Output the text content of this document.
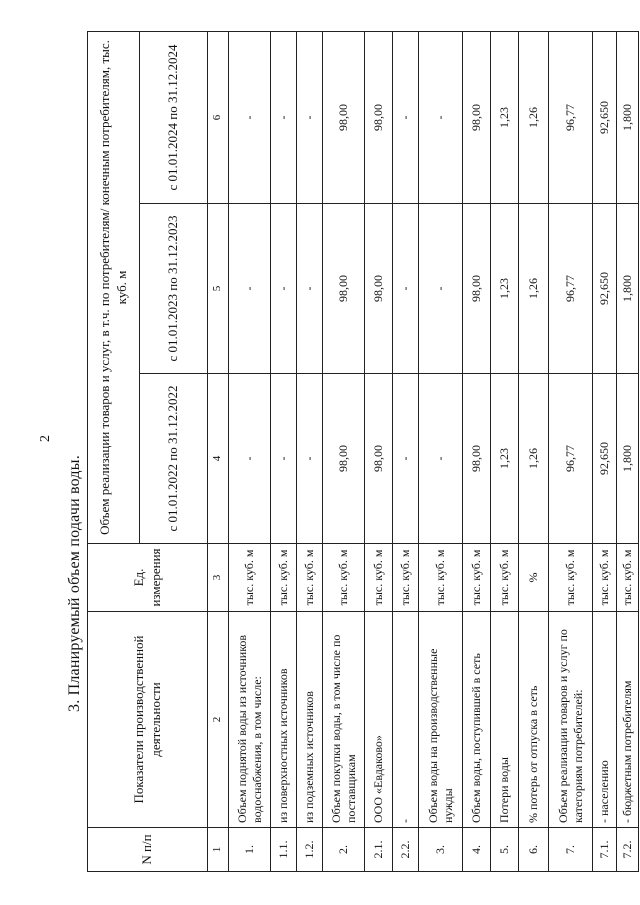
2
3. Планируемый объем подачи воды.
N п/п	Показатели производственной деятельности	Ед. измерения	Объем реализации товаров и услуг, в т.ч. по потребителям/ конечным потребителям, тыс. куб. м		
			с 01.01.2022 по 31.12.2022	с 01.01.2023 по 31.12.2023	с 01.01.2024 по 31.12.2024
1	2	3	4	5	6
1.	Объем поднятой воды из источников водоснабжения, в том числе:	тыс. куб. м	-	-	-
1.1.	из поверхностных источников	тыс. куб. м	-	-	-
1.2.	из подземных источников	тыс. куб. м	-	-	-
2.	Объем покупки воды, в том числе по поставщикам	тыс. куб. м	98,00	98,00	98,00
2.1.	ООО «Евдаково»	тыс. куб. м	98,00	98,00	98,00
2.2.	-	тыс. куб. м	-	-	-
3.	Объем воды на производственные нужды	тыс. куб. м	-	-	-
4.	Объем воды, поступившей в сеть	тыс. куб. м	98,00	98,00	98,00
5.	Потери воды	тыс. куб. м	1,23	1,23	1,23
6.	% потерь от отпуска в сеть	%	1,26	1,26	1,26
7.	Объем реализации товаров и услуг по категориям потребителей:	тыс. куб. м	96,77	96,77	96,77
7.1.	- населению	тыс. куб. м	92,650	92,650	92,650
7.2.	- бюджетным потребителям	тыс. куб. м	1,800	1,800	1,800
